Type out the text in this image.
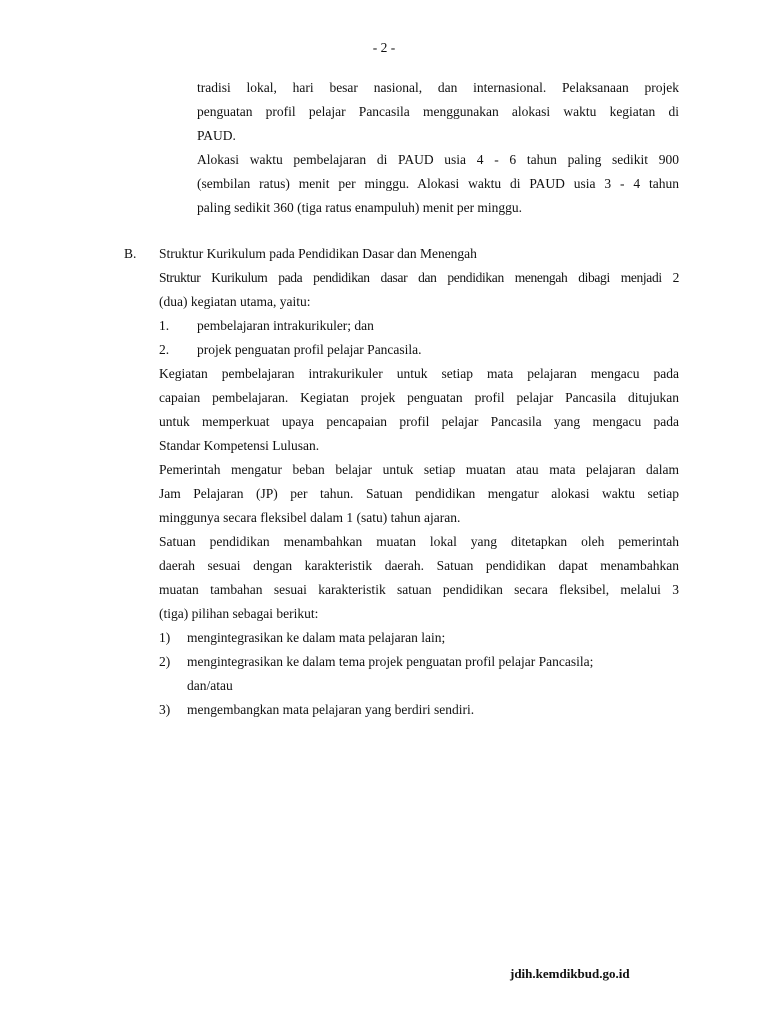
- 2 -
tradisi lokal, hari besar nasional, dan internasional. Pelaksanaan projek
penguatan profil pelajar Pancasila menggunakan alokasi waktu kegiatan di
PAUD.
Alokasi waktu pembelajaran di PAUD usia 4 - 6 tahun paling sedikit 900
(sembilan ratus) menit per minggu. Alokasi waktu di PAUD usia 3 - 4 tahun
paling sedikit 360 (tiga ratus enampuluh) menit per minggu.
B. Struktur Kurikulum pada Pendidikan Dasar dan Menengah
Struktur Kurikulum pada pendidikan dasar dan pendidikan menengah dibagi menjadi 2
(dua) kegiatan utama, yaitu:
1. pembelajaran intrakurikuler; dan
2. projek penguatan profil pelajar Pancasila.
Kegiatan pembelajaran intrakurikuler untuk setiap mata pelajaran mengacu pada
capaian pembelajaran. Kegiatan projek penguatan profil pelajar Pancasila ditujukan
untuk memperkuat upaya pencapaian profil pelajar Pancasila yang mengacu pada
Standar Kompetensi Lulusan.
Pemerintah mengatur beban belajar untuk setiap muatan atau mata pelajaran dalam
Jam Pelajaran (JP) per tahun. Satuan pendidikan mengatur alokasi waktu setiap
minggunya secara fleksibel dalam 1 (satu) tahun ajaran.
Satuan pendidikan menambahkan muatan lokal yang ditetapkan oleh pemerintah
daerah sesuai dengan karakteristik daerah. Satuan pendidikan dapat menambahkan
muatan tambahan sesuai karakteristik satuan pendidikan secara fleksibel, melalui 3
(tiga) pilihan sebagai berikut:
1) mengintegrasikan ke dalam mata pelajaran lain;
2) mengintegrasikan ke dalam tema projek penguatan profil pelajar Pancasila;
dan/atau
3) mengembangkan mata pelajaran yang berdiri sendiri.
jdih.kemdikbud.go.id
